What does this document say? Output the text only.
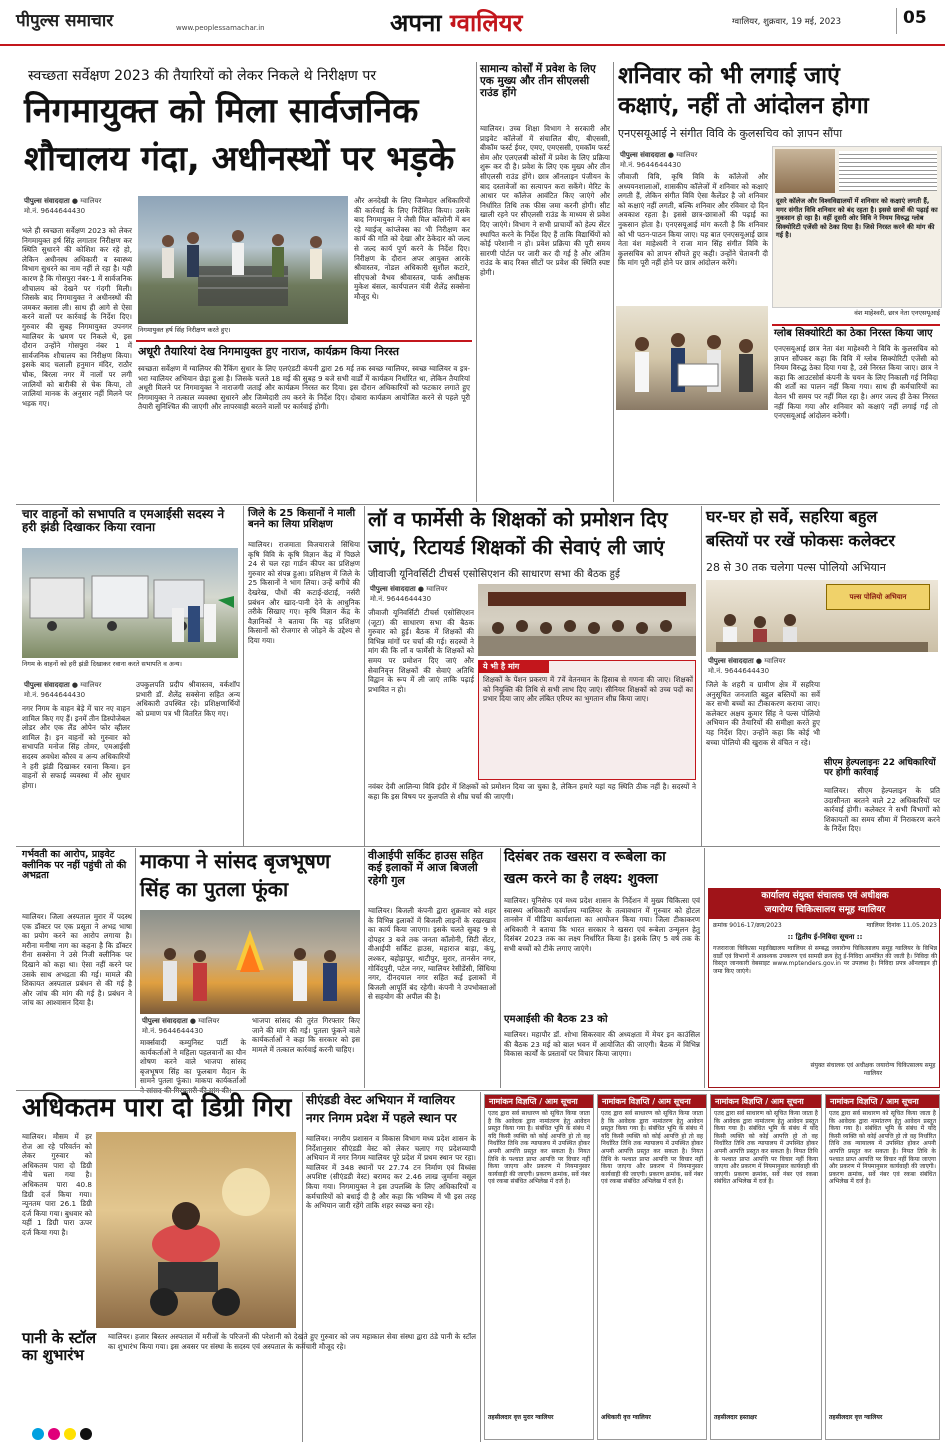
पीपुल्स समाचार	www.peoplessamachar.in	अपना ग्वालियर	ग्वालियर, शुक्रवार, 19 मई, 2023	05
स्वच्छता सर्वेक्षण 2023 की तैयारियों को लेकर निकले थे निरीक्षण पर
निगमायुक्त को मिला सार्वजनिक
शौचालय गंदा, अधीनस्थों पर भड़के
पीपुल्स संवाददाता ● ग्वालियर
मो.नं. 9644644430
भले ही स्वच्छता सर्वेक्षण 2023 को लेकर निगमायुक्त हर्ष सिंह लगातार निरीक्षण कर स्थिति सुधारने की कोशिश कर रहे हो, लेकिन अधीनस्थ अधिकारी व स्वास्थ्य विभाग सुधरने का नाम नहीं ले रहा है। यही कारण है कि गोसपुरा नंबर-1 में सार्वजनिक शौचालय को देखने पर गंदगी मिली। जिसके बाद निगमायुक्त ने अधीनस्थों की जमकर क्लास ली। साथ ही आगे से ऐसा करने वालों पर कार्रवाई के निर्देश दिए। गुरुवार की सुबह निगमायुक्त उपनगर ग्वालियर के भ्रमण पर निकले थे, इस दौरान उन्होंने गोसपुरा नंबर 1 में सार्वजनिक शौचालय का निरीक्षण किया। इसके बाद चलाली हनुमान मंदिर, राठौर चौक, बिरला नगर में नालों पर लगी जालियों को बारीकी से चेक किया, तो जालियां मानक के अनुसार नहीं मिलने पर भड़क गए।
निगमायुक्त हर्ष सिंह निरीक्षण करते हुए।
और अनदेखी के लिए जिम्मेदार अधिकारियों की कार्रवाई के लिए निर्देशित किया। उसके बाद निगमायुक्त ने जैसी मिल कॉलोनी में बन रहे ग्वाईज् कांप्लेक्स का भी निरीक्षण कर कार्य की गति को देखा और ठेकेदार को जल्द से जल्द कार्य पूर्ण करने के निर्देश दिए। निरीक्षण के दौरान अपर आयुक्त आरके श्रीवास्तव, नोडल अधिकारी सुशील कटारे, सीएचओ वैभव श्रीवास्तव, पार्क अधीक्षक मुकेश बंसल, कार्यपालन यंत्री शैलेंद्र सक्सेना मौजूद थे।
अधूरी तैयारियां देख निगमायुक्त हुए नाराज, कार्यक्रम किया निरस्त
स्वच्छता सर्वेक्षण में ग्वालियर की रैंकिंग सुधार के लिए एलएंडटी कंपनी द्वारा 26 मई तक स्वच्छ ग्वालियर, स्वच्छ ग्वालियर व इत्र-भरा ग्वालियर अभियान छेड़ा हुआ है। जिसके चलते 18 मई की सुबह 9 बजे सभी वार्डों में कार्यक्रम निर्धारित था, लेकिन तैयारियां अधूरी मिलने पर निगमायुक्त ने नाराजगी जताई और कार्यक्रम निरस्त कर दिया। इस दौरान अधिकारियों को फटकार लगाते हुए निगमायुक्त ने तत्काल व्यवस्था सुधारने और जिम्मेदारी तय करने के निर्देश दिए। दोबारा कार्यक्रम आयोजित करने से पहले पूरी तैयारी सुनिश्चित की जाएगी और लापरवाही बरतने वालों पर कार्रवाई होगी।
सामान्य कोर्सों में प्रवेश के लिए एक मुख्य और तीन सीएलसी राउंड होंगे
ग्वालियर। उच्च शिक्षा विभाग ने सरकारी और प्राइवेट कॉलेजों में संचालित बीए, बीएससी, बीकॉम फर्स्ट ईयर, एमए, एमएससी, एमकॉम फर्स्ट सेम और एलएलबी कोर्सों में प्रवेश के लिए प्रक्रिया शुरू कर दी है। प्रवेश के लिए एक मुख्य और तीन सीएलसी राउंड होंगे। छात्र ऑनलाइन पंजीयन के बाद दस्तावेजों का सत्यापन करा सकेंगे। मेरिट के आधार पर कॉलेज आवंटित किए जाएंगे और निर्धारित तिथि तक फीस जमा करनी होगी। सीट खाली रहने पर सीएलसी राउंड के माध्यम से प्रवेश दिए जाएंगे। विभाग ने सभी प्राचार्यों को हेल्प सेंटर स्थापित करने के निर्देश दिए हैं ताकि विद्यार्थियों को कोई परेशानी न हो। प्रवेश प्रक्रिया की पूरी समय सारणी पोर्टल पर जारी कर दी गई है और अंतिम राउंड के बाद रिक्त सीटों पर प्रवेश की स्थिति स्पष्ट होगी।
शनिवार को भी लगाई जाएं
कक्षाएं, नहीं तो आंदोलन होगा
एनएसयूआई ने संगीत विवि के कुलसचिव को ज्ञापन सौंपा
पीपुल्स संवाददाता ● ग्वालियर
मो.नं. 9644644430
जीवाजी विवि, कृषि विवि के कॉलेजों और अध्ययनशालाओं, शासकीय कॉलेजों में शनिवार को कक्षाएं लगती हैं, लेकिन संगीत विवि ऐसा कैलेंडर है जो शनिवार को कक्षाएं नहीं लगती, बल्कि शनिवार और रविवार दो दिन अवकाश रहता है। इससे छात्र-छात्राओं की पढ़ाई का नुकसान होता है। एनएसयूआई मांग करती है कि शनिवार को भी पठन-पाठन किया जाए। यह बात एनएसयूआई छात्र नेता वंश माहेश्वरी ने राजा मान सिंह संगीत विवि के कुलसचिव को ज्ञापन सौंपते हुए कही। उन्होंने चेतावनी दी कि मांग पूरी नहीं होने पर छात्र आंदोलन करेंगे।
दूसरे कॉलेज और विश्वविद्यालयों में शनिवार को कक्षाएं लगती हैं, मगर संगीत विवि शनिवार को बंद रहता है। इससे छात्रों की पढ़ाई का नुकसान हो रहा है। वहीं दूसरी ओर विवि ने नियम विरुद्ध ग्लोब सिक्योरिटी एजेंसी को ठेका दिया है। जिसे निरस्त करने की मांग की गई है।
वंश माहेश्वरी, छात्र नेता एनएसयूआई
ग्लोब सिक्योरिटी का ठेका निरस्त किया जाए
एनएसयूआई छात्र नेता वंश माहेश्वरी ने विवि के कुलसचिव को ज्ञापन सौंपकर कहा कि विवि में ग्लोब सिक्योरिटी एजेंसी को नियम विरुद्ध ठेका दिया गया है, उसे निरस्त किया जाए। छात्र ने कहा कि आउटसोर्स कंपनी के चयन के लिए निकाली गई निविदा की शर्तों का पालन नहीं किया गया। साथ ही कर्मचारियों का वेतन भी समय पर नहीं मिल रहा है। अगर जल्द ही ठेका निरस्त नहीं किया गया और शनिवार को कक्षाएं नहीं लगाई गईं तो एनएसयूआई आंदोलन करेगी।
चार वाहनों को सभापति व एमआईसी सदस्य ने हरी झंडी दिखाकर किया रवाना
निगम के वाहनों को हरी झंडी दिखाकर रवाना करते सभापति व अन्य।
पीपुल्स संवाददाता ● ग्वालियर
मो.नं. 9644644430
नगर निगम के वाहन बेड़े में चार नए वाहन शामिल किए गए हैं। इनमें तीन डिस्पोजेबल लोडर और एक लैंड ओपेन फोर व्हीलर शामिल है। इन वाहनों को गुरुवार को सभापति मनोज सिंह तोमर, एमआईसी सदस्य अवधेश कौरव व अन्य अधिकारियों ने हरी झंडी दिखाकर रवाना किया। इन वाहनों से सफाई व्यवस्था में और सुधार होगा।
उपकुलपति प्रदीप श्रीवास्तव, वर्कशॉप प्रभारी डॉ. शैलेंद्र सक्सेना सहित अन्य अधिकारी उपस्थित रहे। प्रशिक्षणार्थियों को प्रमाण पत्र भी वितरित किए गए।
जिले के 25 किसानों ने माली बनने का लिया प्रशिक्षण
ग्वालियर। राजमाता विजयाराजे सिंधिया कृषि विवि के कृषि विज्ञान केंद्र में पिछले 24 से चल रहा गार्डन कीपर का प्रशिक्षण गुरुवार को संपन्न हुआ। प्रशिक्षण में जिले के 25 किसानों ने भाग लिया। उन्हें बगीचे की देखरेख, पौधों की कटाई-छंटाई, नर्सरी प्रबंधन और खाद-पानी देने के आधुनिक तरीके सिखाए गए। कृषि विज्ञान केंद्र के वैज्ञानिकों ने बताया कि यह प्रशिक्षण किसानों को रोजगार से जोड़ने के उद्देश्य से दिया गया।
लॉ व फार्मेसी के शिक्षकों को प्रमोशन दिए
जाएं, रिटायर्ड शिक्षकों की सेवाएं ली जाएं
जीवाजी यूनिवर्सिटी टीचर्स एसोसिएशन की साधारण सभा की बैठक हुई
पीपुल्स संवाददाता ● ग्वालियर
मो.नं. 9644644430
जीवाजी यूनिवर्सिटी टीचर्स एसोसिएशन (जूटा) की साधारण सभा की बैठक गुरुवार को हुई। बैठक में शिक्षकों की विभिन्न मांगों पर चर्चा की गई। सदस्यों ने मांग की कि लॉ व फार्मेसी के शिक्षकों को समय पर प्रमोशन दिए जाएं और सेवानिवृत्त शिक्षकों की सेवाएं अतिथि विद्वान के रूप में ली जाएं ताकि पढ़ाई प्रभावित न हो।
ये भी है मांग
शिक्षकों के पेंशन प्रकरण में 7वें वेतनमान के हिसाब से गणना की जाए। शिक्षकों को नियुक्ति की तिथि से सभी लाभ दिए जाएं। सीनियर शिक्षकों को उच्च पदों का प्रभार दिया जाए और लंबित एरियर का भुगतान शीघ्र किया जाए।
नवंबर देवी आलिन्या विवि इंदौर में शिक्षकों को प्रमोशन दिया जा चुका है, लेकिन हमारे यहां यह स्थिति ठीक नहीं है। सदस्यों ने कहा कि इस विषय पर कुलपति से शीघ्र चर्चा की जाएगी।
घर-घर हो सर्वे, सहरिया बहुल
बस्तियों पर रखें फोकसः कलेक्टर
28 से 30 तक चलेगा पल्स पोलियो अभियान
पल्स पोलियो अभियान
पीपुल्स संवाददाता ● ग्वालियर
मो.नं. 9644644430
जिले के शहरी व ग्रामीण क्षेत्र में सहरिया अनुसूचित जनजाति बहुल बस्तियों का सर्वे कर सभी बच्चों का टीकाकरण कराया जाए। कलेक्टर अक्षय कुमार सिंह ने पल्स पोलियो अभियान की तैयारियों की समीक्षा करते हुए यह निर्देश दिए। उन्होंने कहा कि कोई भी बच्चा पोलियो की खुराक से वंचित न रहे।
सीएम हेल्पलाइनः 22 अधिकारियों पर होगी कार्रवाई
ग्वालियर। सीएम हेल्पलाइन के प्रति उदासीनता बरतने वाले 22 अधिकारियों पर कार्रवाई होगी। कलेक्टर ने सभी विभागों को शिकायतों का समय सीमा में निराकरण करने के निर्देश दिए।
गर्भवती का आरोप, प्राइवेट क्लीनिक पर नहीं पहुंची तो की अभद्रता
ग्वालियर। जिला अस्पताल मुरार में पदस्थ एक डॉक्टर पर एक प्रसूता ने अभद्र भाषा का प्रयोग करने का आरोप लगाया है। मरीना मनीषा नाग का कहना है कि डॉक्टर रीना सक्सेना ने उसे निजी क्लीनिक पर दिखाने को कहा था। ऐसा नहीं करने पर उसके साथ अभद्रता की गई। मामले की शिकायत अस्पताल प्रबंधन से की गई है और जांच की मांग की गई है। प्रबंधन ने जांच का आश्वासन दिया है।
माकपा ने सांसद बृजभूषण
सिंह का पुतला फूंका
पीपुल्स संवाददाता ● ग्वालियर
मो.नं. 9644644430
मार्क्सवादी कम्युनिस्ट पार्टी के कार्यकर्ताओं ने महिला पहलवानों का यौन शोषण करने वाले भाजपा सांसद बृजभूषण सिंह का फूलबाग मैदान के सामने पुतला फूंका। माकपा कार्यकर्ताओं
भाजपा सांसद की तुरंत गिरफ्तार किए जाने की मांग की गई। पुतला फूंकने वाले कार्यकर्ताओं ने कहा कि सरकार को इस मामले में तत्काल कार्रवाई करनी चाहिए।
वीआईपी सर्किट हाउस सहित कई इलाकों में आज बिजली रहेगी गुल
ग्वालियर। बिजली कंपनी द्वारा शुक्रवार को शहर के विभिन्न इलाकों में बिजली लाइनों के रखरखाव का कार्य किया जाएगा। इसके चलते सुबह 9 से दोपहर 3 बजे तक जनता कॉलोनी, सिटी सेंटर, वीआईपी सर्किट हाउस, महाराज बाड़ा, कंपू, लश्कर, बहोड़ापुर, थाटीपुर, मुरार, तानसेन नगर, गोविंदपुरी, पटेल नगर, ग्वालियर रेसीडेंसी, सिंधिया नगर, दीनदयाल नगर सहित कई इलाकों में बिजली आपूर्ति बंद रहेगी। कंपनी ने उपभोक्ताओं से सहयोग की अपील की है।
दिसंबर तक खसरा व रूबेला का
खत्म करने का है लक्ष्य: शुक्ला
ग्वालियर। यूनिसेफ एवं मध्य प्रदेश शासन के निर्देशन में मुख्य चिकित्सा एवं स्वास्थ्य अधिकारी कार्यालय ग्वालियर के तत्वावधान में गुरुवार को होटल तानसेन में मीडिया कार्यशाला का आयोजन किया गया। जिला टीकाकरण अधिकारी ने बताया कि भारत सरकार ने खसरा एवं रूबेला उन्मूलन हेतु दिसंबर 2023 तक का लक्ष्य निर्धारित किया है। इसके लिए 5 वर्ष तक के सभी बच्चों को टीके लगाए जाएंगे।
एमआईसी की बैठक 23 को
ग्वालियर। महापौर डॉ. शोभा सिकरवार की अध्यक्षता में मेयर इन काउंसिल की बैठक 23 मई को बाल भवन में आयोजित की जाएगी। बैठक में विभिन्न विकास कार्यों के प्रस्तावों पर विचार किया जाएगा।
कार्यालय संयुक्त संचालक एवं अधीक्षक
जयारोग्य चिकित्सालय समूह ग्वालियर
क्रमांक 9016-17/क्रय/2023	ग्वालियर दिनांक 11.05.2023
:: द्वितीय ई-निविदा सूचना ::
गजराराजा चिकित्सा महाविद्यालय ग्वालियर से सम्बद्ध जयारोग्य चिकित्सालय समूह ग्वालियर के विभिन्न वार्डों एवं विभागों में आवश्यक उपकरण एवं सामग्री क्रय हेतु ई-निविदा आमंत्रित की जाती है। निविदा की विस्तृत जानकारी वेबसाइट www.mptenders.gov.in पर उपलब्ध है। निविदा प्रपत्र ऑनलाइन ही जमा किए जाएंगे।
संयुक्त संचालक एवं अधीक्षक जयारोग्य चिकित्सालय समूह ग्वालियर
अधिकतम पारा दो डिग्री गिरा
ग्वालियर। मौसम में हर रोज आ रहे परिवर्तन को लेकर गुरुवार को अधिकतम पारा दो डिग्री नीचे चला गया है। अधिकतम पारा 40.8 डिग्री दर्ज किया गया। न्यूनतम पारा 26.1 डिग्री दर्ज किया गया। बुधवार को यहीं 1 डिग्री पारा ऊपर दर्ज किया गया है।
पानी के स्टॉल का शुभारंभ
सीएंडडी वेस्ट अभियान में ग्वालियर
नगर निगम प्रदेश में पहले स्थान पर
ग्वालियर। नगरीय प्रशासन व विकास विभाग मध्य प्रदेश शासन के निर्देशानुसार सीएंडडी वेस्ट को लेकर चलाए गए प्रदेशव्यापी अभियान में नगर निगम ग्वालियर पूरे प्रदेश में प्रथम स्थान पर रहा। ग्वालियर में 348 स्थानों पर 27.74 टन निर्माण एवं विध्वंस अपशिष्ट (सीएंडडी वेस्ट) बरामद कर 2.46 लाख जुर्माना वसूल किया गया। निगमायुक्त ने इस उपलब्धि के लिए अधिकारियों व कर्मचारियों को बधाई दी है और कहा कि भविष्य में भी इस तरह के अभियान जारी रहेंगे ताकि शहर स्वच्छ बना रहे।
ग्वालियर। हजार बिस्तर अस्पताल में मरीजों के परिजनों की परेशानी को देखते हुए गुरुवार को जय महाकाल सेवा संस्था द्वारा ठंडे पानी के स्टॉल का शुभारंभ किया गया। इस अवसर पर संस्था के सदस्य एवं अस्पताल के कर्मचारी मौजूद रहे।
नामांकन विज्ञप्ति / आम सूचना
एतद द्वारा सर्व साधारण को सूचित किया जाता है कि आवेदक द्वारा नामांतरण हेतु आवेदन प्रस्तुत किया गया है। संबंधित भूमि के संबंध में यदि किसी व्यक्ति को कोई आपत्ति हो तो वह निर्धारित तिथि तक न्यायालय में उपस्थित होकर अपनी आपत्ति प्रस्तुत कर सकता है। नियत तिथि के पश्चात प्राप्त आपत्ति पर विचार नहीं किया जाएगा और प्रकरण में नियमानुसार कार्यवाही की जाएगी। प्रकरण क्रमांक, सर्वे नंबर एवं रकबा संबंधित अभिलेख में दर्ज है।
तहसीलदार वृत्त मुरार ग्वालियर
नामांकन विज्ञप्ति / आम सूचना
एतद द्वारा सर्व साधारण को सूचित किया जाता है कि आवेदक द्वारा नामांतरण हेतु आवेदन प्रस्तुत किया गया है। संबंधित भूमि के संबंध में यदि किसी व्यक्ति को कोई आपत्ति हो तो वह निर्धारित तिथि तक न्यायालय में उपस्थित होकर अपनी आपत्ति प्रस्तुत कर सकता है। नियत तिथि के पश्चात प्राप्त आपत्ति पर विचार नहीं किया जाएगा और प्रकरण में नियमानुसार कार्यवाही की जाएगी। प्रकरण क्रमांक, सर्वे नंबर एवं रकबा संबंधित अभिलेख में दर्ज है।
अधिकारी वृत्त ग्वालियर
नामांकन विज्ञप्ति / आम सूचना
एतद द्वारा सर्व साधारण को सूचित किया जाता है कि आवेदक द्वारा नामांतरण हेतु आवेदन प्रस्तुत किया गया है। संबंधित भूमि के संबंध में यदि किसी व्यक्ति को कोई आपत्ति हो तो वह निर्धारित तिथि तक न्यायालय में उपस्थित होकर अपनी आपत्ति प्रस्तुत कर सकता है। नियत तिथि के पश्चात प्राप्त आपत्ति पर विचार नहीं किया जाएगा और प्रकरण में नियमानुसार कार्यवाही की जाएगी। प्रकरण क्रमांक, सर्वे नंबर एवं रकबा संबंधित अभिलेख में दर्ज है।
तहसीलदार हस्ताक्षर
नामांकन विज्ञप्ति / आम सूचना
एतद द्वारा सर्व साधारण को सूचित किया जाता है कि आवेदक द्वारा नामांतरण हेतु आवेदन प्रस्तुत किया गया है। संबंधित भूमि के संबंध में यदि किसी व्यक्ति को कोई आपत्ति हो तो वह निर्धारित तिथि तक न्यायालय में उपस्थित होकर अपनी आपत्ति प्रस्तुत कर सकता है। नियत तिथि के पश्चात प्राप्त आपत्ति पर विचार नहीं किया जाएगा और प्रकरण में नियमानुसार कार्यवाही की जाएगी। प्रकरण क्रमांक, सर्वे नंबर एवं रकबा संबंधित अभिलेख में दर्ज है।
तहसीलदार वृत्त ग्वालियर
